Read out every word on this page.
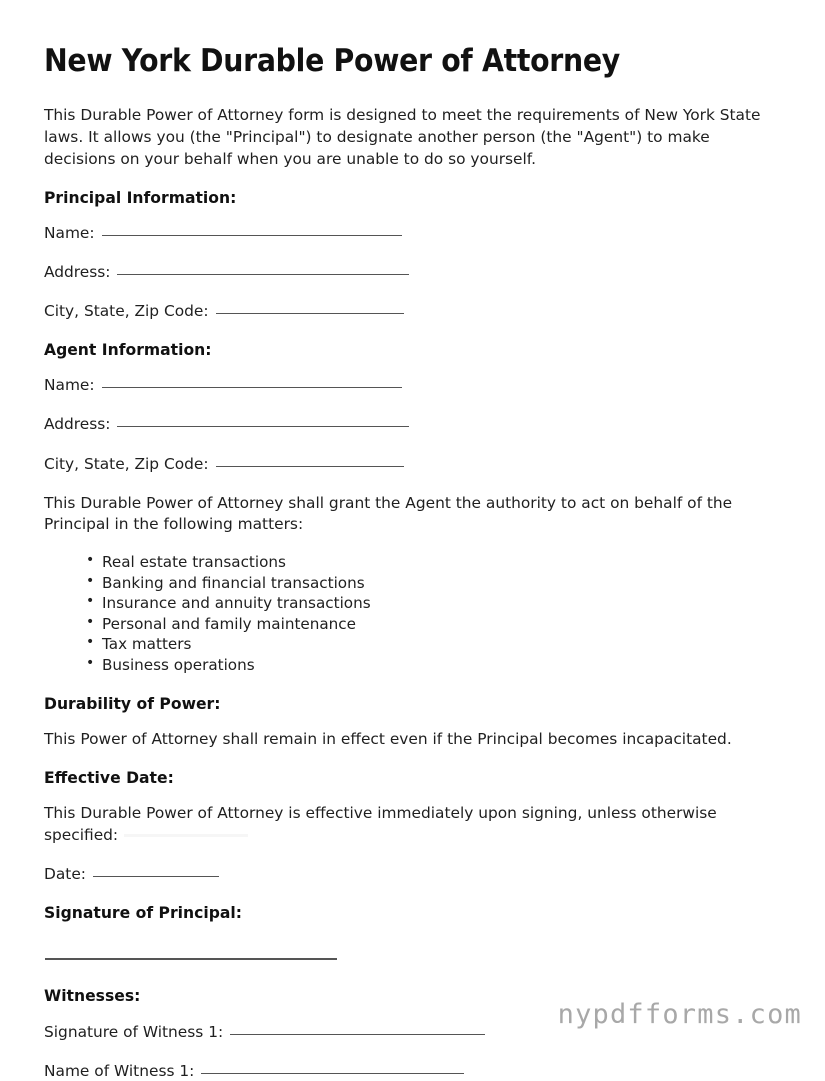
New York Durable Power of Attorney

This Durable Power of Attorney form is designed to meet the requirements of New York State laws. It allows you (the "Principal") to designate another person (the "Agent") to make decisions on your behalf when you are unable to do so yourself.

Principal Information:
Name:
Address:
City, State, Zip Code:
Agent Information:
Name:
Address:
City, State, Zip Code:

This Durable Power of Attorney shall grant the Agent the authority to act on behalf of the Principal in the following matters:

• Real estate transactions
• Banking and financial transactions
• Insurance and annuity transactions
• Personal and family maintenance
• Tax matters
• Business operations
Durability of Power:

This Power of Attorney shall remain in effect even if the Principal becomes incapacitated.

Effective Date:

This Durable Power of Attorney is effective immediately upon signing, unless otherwise specified:

Date:
Signature of Principal:
Witnesses:
Signature of Witness 1:
Name of Witness 1:
nypdfforms.com
